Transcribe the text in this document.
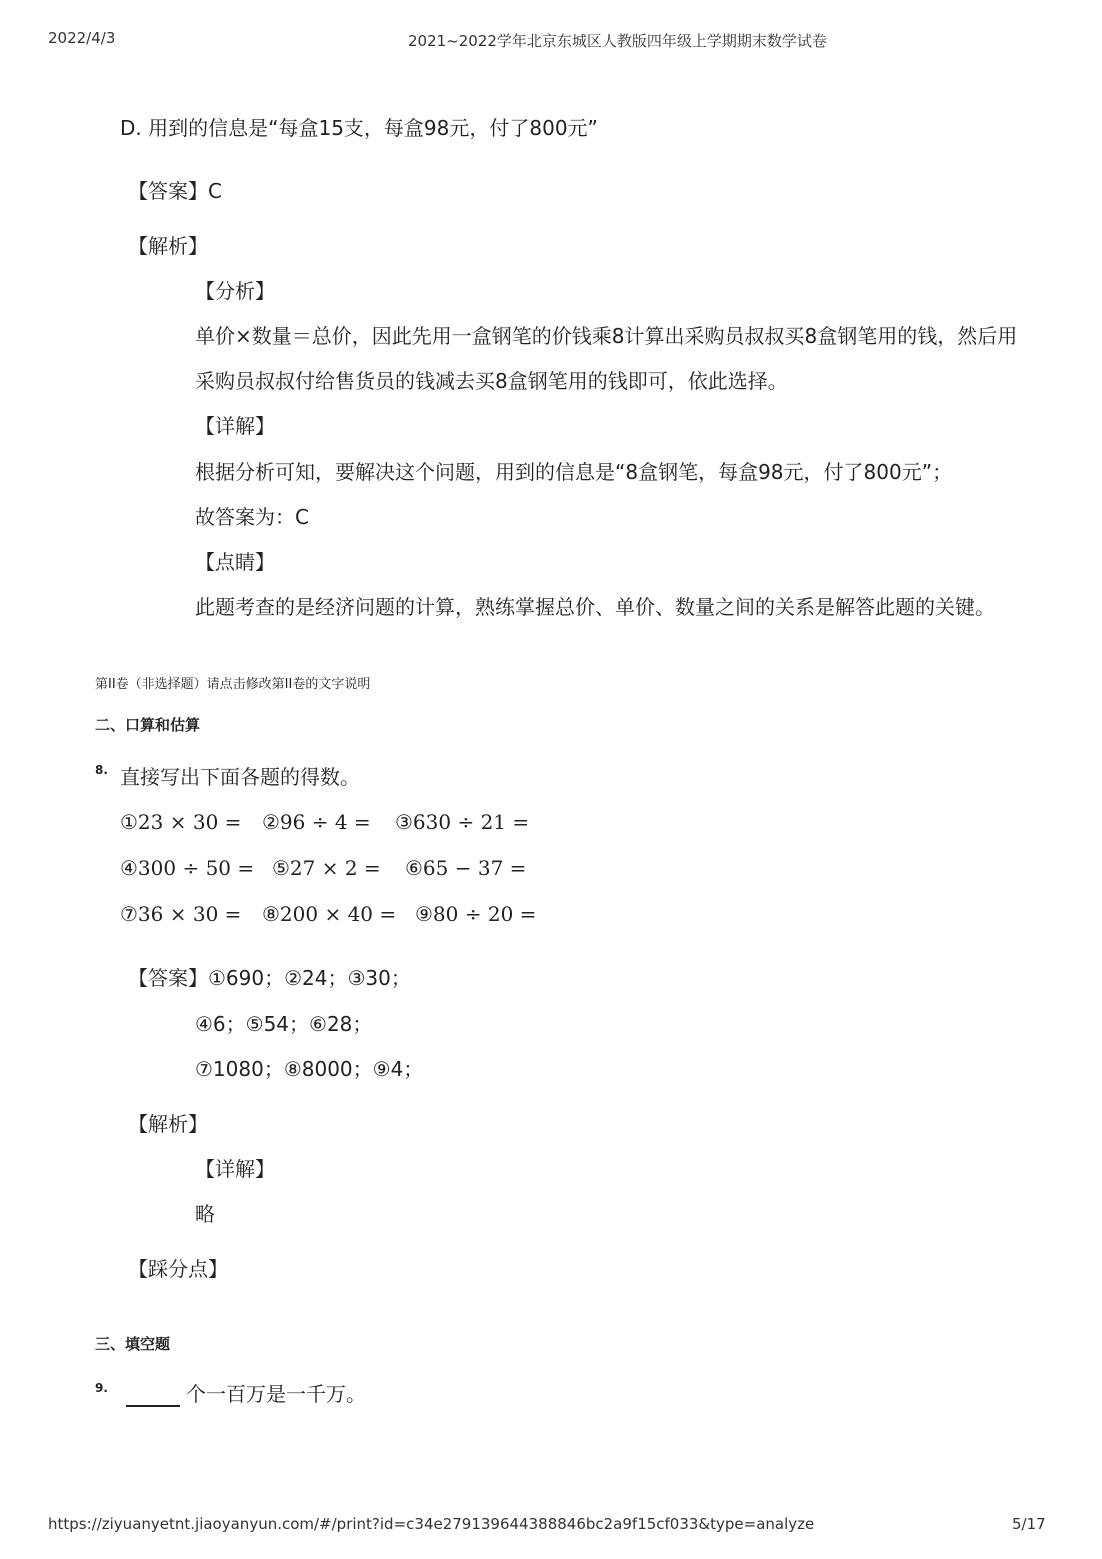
2022/4/3	2021~2022学年北京东城区人教版四年级上学期期末数学试卷
D. 用到的信息是“每盒15支，每盒98元，付了800元”
【答案】C
【解析】
【分析】
单价×数量＝总价，因此先用一盒钢笔的价钱乘8计算出采购员叔叔买8盒钢笔用的钱，然后用
采购员叔叔付给售货员的钱减去买8盒钢笔用的钱即可，依此选择。
【详解】
根据分析可知，要解决这个问题，用到的信息是“8盒钢笔，每盒98元，付了800元”；
故答案为：C
【点睛】
此题考查的是经济问题的计算，熟练掌握总价、单价、数量之间的关系是解答此题的关键。
第II卷（非选择题）请点击修改第II卷的文字说明
二、口算和估算
8. 直接写出下面各题的得数。
①23 × 30 = ②96 ÷ 4 = ③630 ÷ 21 =
④300 ÷ 50 = ⑤27 × 2 = ⑥65 − 37 =
⑦36 × 30 = ⑧200 × 40 = ⑨80 ÷ 20 =
【答案】①690；②24；③30；
④6；⑤54；⑥28；
⑦1080；⑧8000；⑨4；
【解析】
【详解】
略
【踩分点】
三、填空题
9.	个一百万是一千万。
https://ziyuanyetnt.jiaoyanyun.com/#/print?id=c34e279139644388846bc2a9f15cf033&type=analyze	5/17
